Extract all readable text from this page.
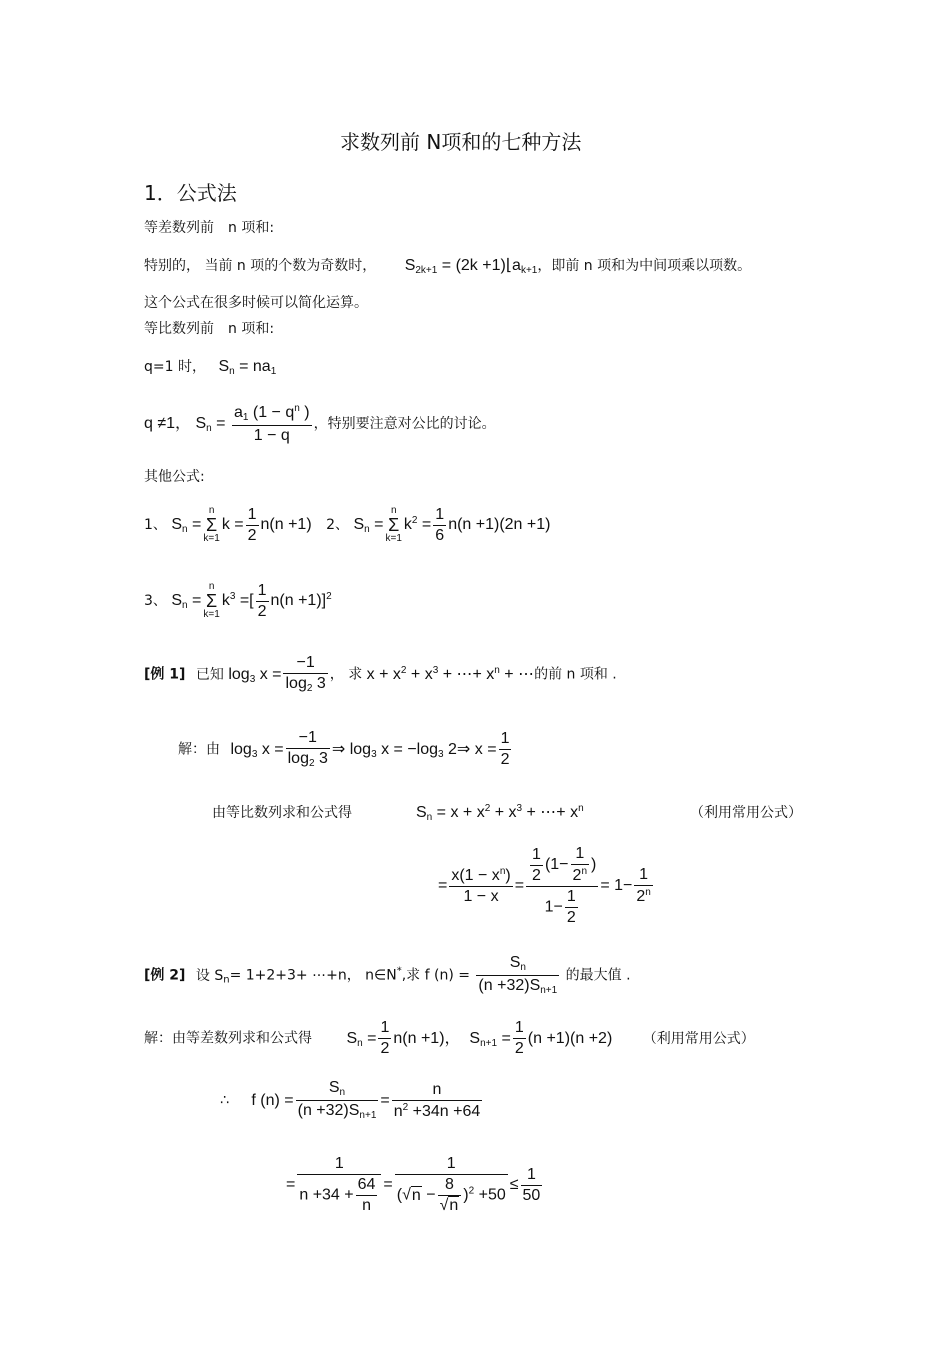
求数列前 N项和的七种方法
1．公式法
等差数列前　n 项和:
特别的， 当前 n 项的个数为奇数时， $S_{2k+1} = (2k$ $+1)⌊a_{k+1}$，即前 n 项和为中间项乘以项数。
这个公式在很多时候可以简化运算。
等比数列前　n 项和:
q=1 时， $S_n = na_1$
q ≠1， $S_n = \frac{a_1 (1 - q^n )}{1 - q}$ ，特别要注意对公比的讨论。
其他公式:
1、 $S_n$ =
n
Σ
k=1
$k = \frac{1}{2} n(n +1)$ 2、 $S_n$ =
n
Σ
k=1
$k^2 = \frac{1}{6} n(n +1)(2n +1)$
3、 $S_n$ =
n
Σ
k=1
$k^3$ =[ $\frac{1}{2} n(n +1)]^2$
[例 1] 已知 $\log_3 x = \frac{-1}{\log_2 3}$ ， 求 $x + x^2 + x^3$ + ⋯+ $x^n$ + ⋯的前 n 项和 .
解：由 $\log_3 x = \frac{-1}{\log_2 3}$ ⇒ $\log_3 x = -\log_3$ 2⇒ $x = \frac{1}{2}$
由等比数列求和公式得	$S_n = x + x^2 + x^3$ + ⋯+ $x^n$	（利用常用公式）
= $\frac{x(1 - x^n)}{1 - x} = \frac{\frac{1}{2} (1- \frac{1}{2^n} )}{1- \frac{1}{2}} = 1- \frac{1}{2^n}$
[例 2] 设 $S_n= 1+2+3+$ ⋯+n， n∈N*,求 f $(n) = \frac{S_n}{(n +32)S_{n+1}}$ 的最大值 .
解：由等差数列求和公式得 $S_n = \frac{1}{2} n(n +1)$，  $S_{n+1} = \frac{1}{2} (n +1)(n +2)$ （利用常用公式）
∴ f $(n) = \frac{S_n}{(n +32)S_{n+1}} = \frac{n}{n^2 +34n +64}$
= $\frac{1}{n +34 + \frac{64}{n}} = \frac{1}{(√n - \frac{8}{√n} )^2 +50} \le \frac{1}{50}$
